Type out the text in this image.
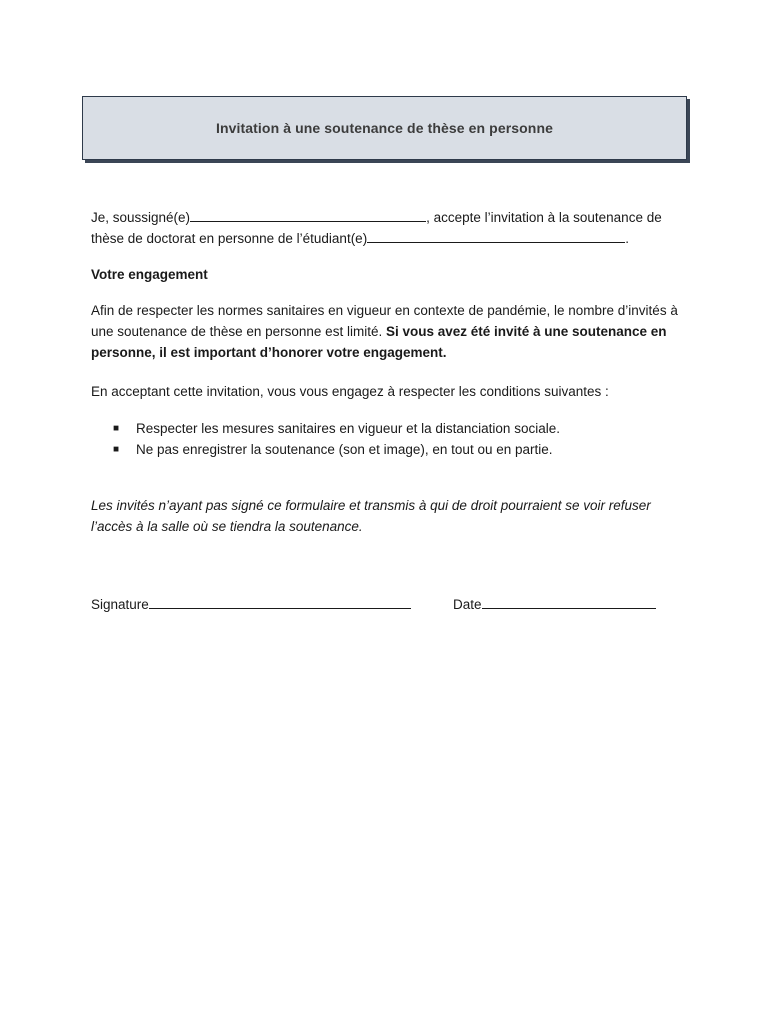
Invitation à une soutenance de thèse en personne

Je, soussigné(e)	, accepte l’invitation à la soutenance de thèse de doctorat en personne de l’étudiant(e)	.

Votre engagement

Afin de respecter les normes sanitaires en vigueur en contexte de pandémie, le nombre d’invités à une soutenance de thèse en personne est limité. Si vous avez été invité à une soutenance en personne, il est important d’honorer votre engagement.

En acceptant cette invitation, vous vous engagez à respecter les conditions suivantes :

■ Respecter les mesures sanitaires en vigueur et la distanciation sociale.
■ Ne pas enregistrer la soutenance (son et image), en tout ou en partie.

Les invités n’ayant pas signé ce formulaire et transmis à qui de droit pourraient se voir refuser l’accès à la salle où se tiendra la soutenance.

Signature	Date
